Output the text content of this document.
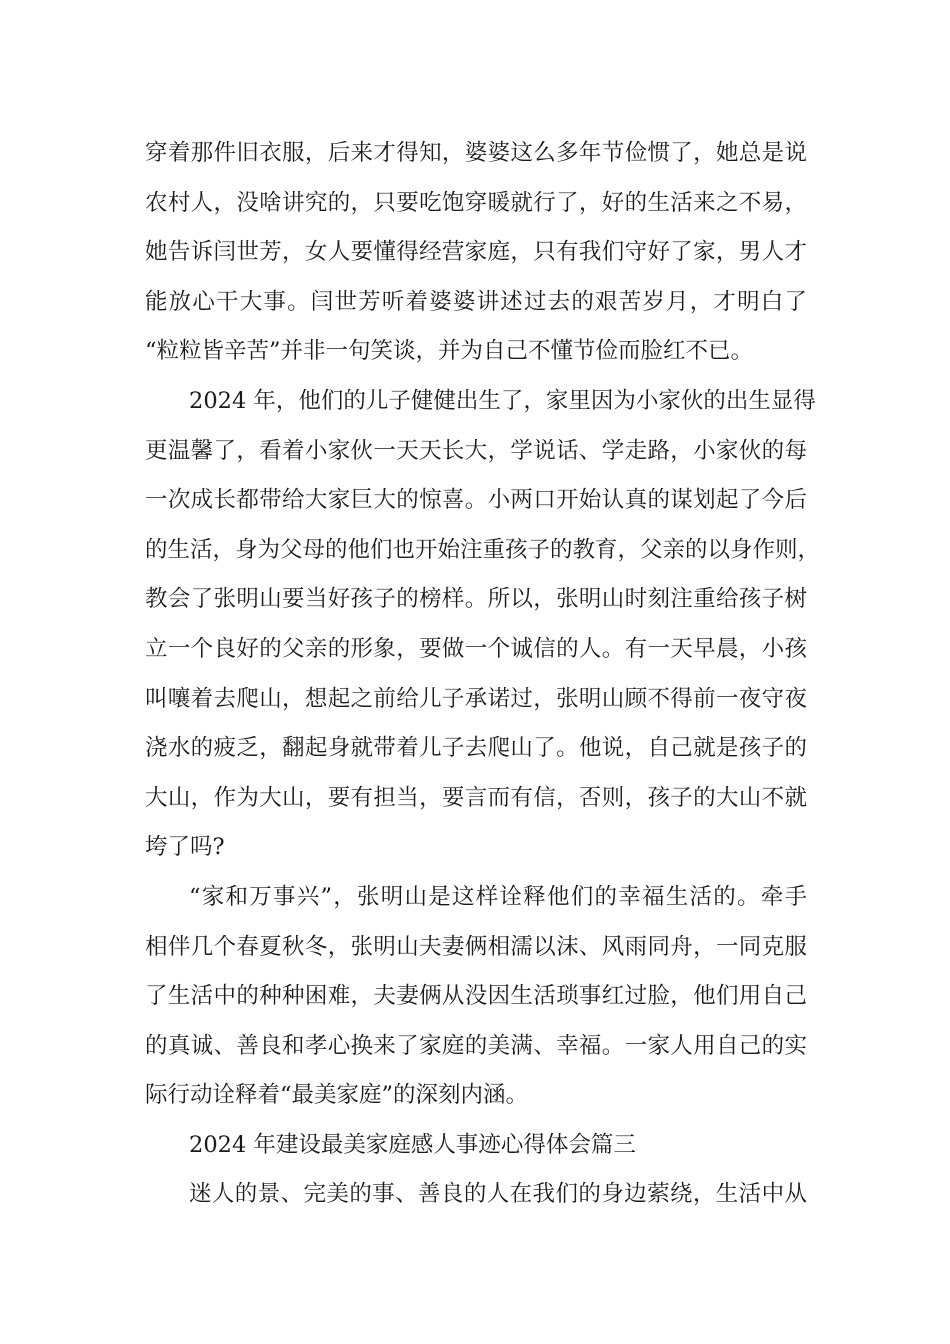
穿着那件旧衣服，后来才得知，婆婆这么多年节俭惯了，她总是说
农村人，没啥讲究的，只要吃饱穿暖就行了，好的生活来之不易，
她告诉闫世芳，女人要懂得经营家庭，只有我们守好了家，男人才
能放心干大事。闫世芳听着婆婆讲述过去的艰苦岁月，才明白了
“粒粒皆辛苦”并非一句笑谈，并为自己不懂节俭而脸红不已。
2024 年，他们的儿子健健出生了，家里因为小家伙的出生显得
更温馨了，看着小家伙一天天长大，学说话、学走路，小家伙的每
一次成长都带给大家巨大的惊喜。小两口开始认真的谋划起了今后
的生活，身为父母的他们也开始注重孩子的教育，父亲的以身作则，
教会了张明山要当好孩子的榜样。所以，张明山时刻注重给孩子树
立一个良好的父亲的形象，要做一个诚信的人。有一天早晨，小孩
叫嚷着去爬山，想起之前给儿子承诺过，张明山顾不得前一夜守夜
浇水的疲乏，翻起身就带着儿子去爬山了。他说，自己就是孩子的
大山，作为大山，要有担当，要言而有信，否则，孩子的大山不就
垮了吗?
“家和万事兴”，张明山是这样诠释他们的幸福生活的。牵手
相伴几个春夏秋冬，张明山夫妻俩相濡以沫、风雨同舟，一同克服
了生活中的种种困难，夫妻俩从没因生活琐事红过脸，他们用自己
的真诚、善良和孝心换来了家庭的美满、幸福。一家人用自己的实
际行动诠释着“最美家庭”的深刻内涵。
2024 年建设最美家庭感人事迹心得体会篇三
迷人的景、完美的事、善良的人在我们的身边萦绕，生活中从
